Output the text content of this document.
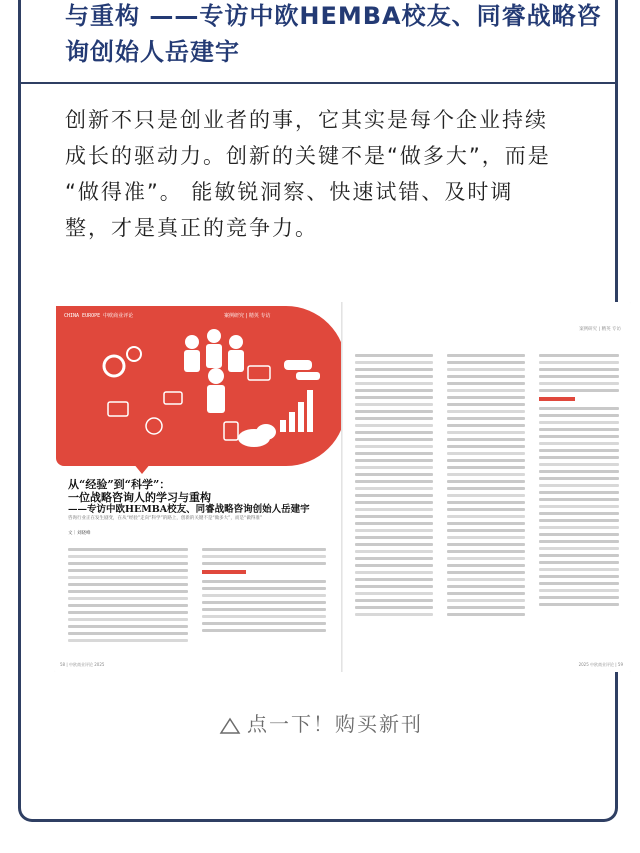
与重构 ——专访中欧HEMBA校友、同睿战略咨
询创始人岳建宇
创新不只是创业者的事，它其实是每个企业持续
成长的驱动力。创新的关键不是“做多大”，而是
“做得准”。 能敏锐洞察、快速试错、及时调
整，才是真正的竞争力。
CHINA EUROPE 中欧商业评论	案例研究 | 精英 专访
从“经验”到“科学”：
一位战略咨询人的学习与重构
——专访中欧HEMBA校友、同睿战略咨询创始人岳建宇
咨询行业正在发生剧变，在从“经验”走向“科学”的路上，创新的关键不是“做多大”，而是“做得准”
文｜刘晓峰
58 | 中欧商业评论 2025
案例研究 | 精英 专访
2025 中欧商业评论 | 59
点一下！购买新刊
